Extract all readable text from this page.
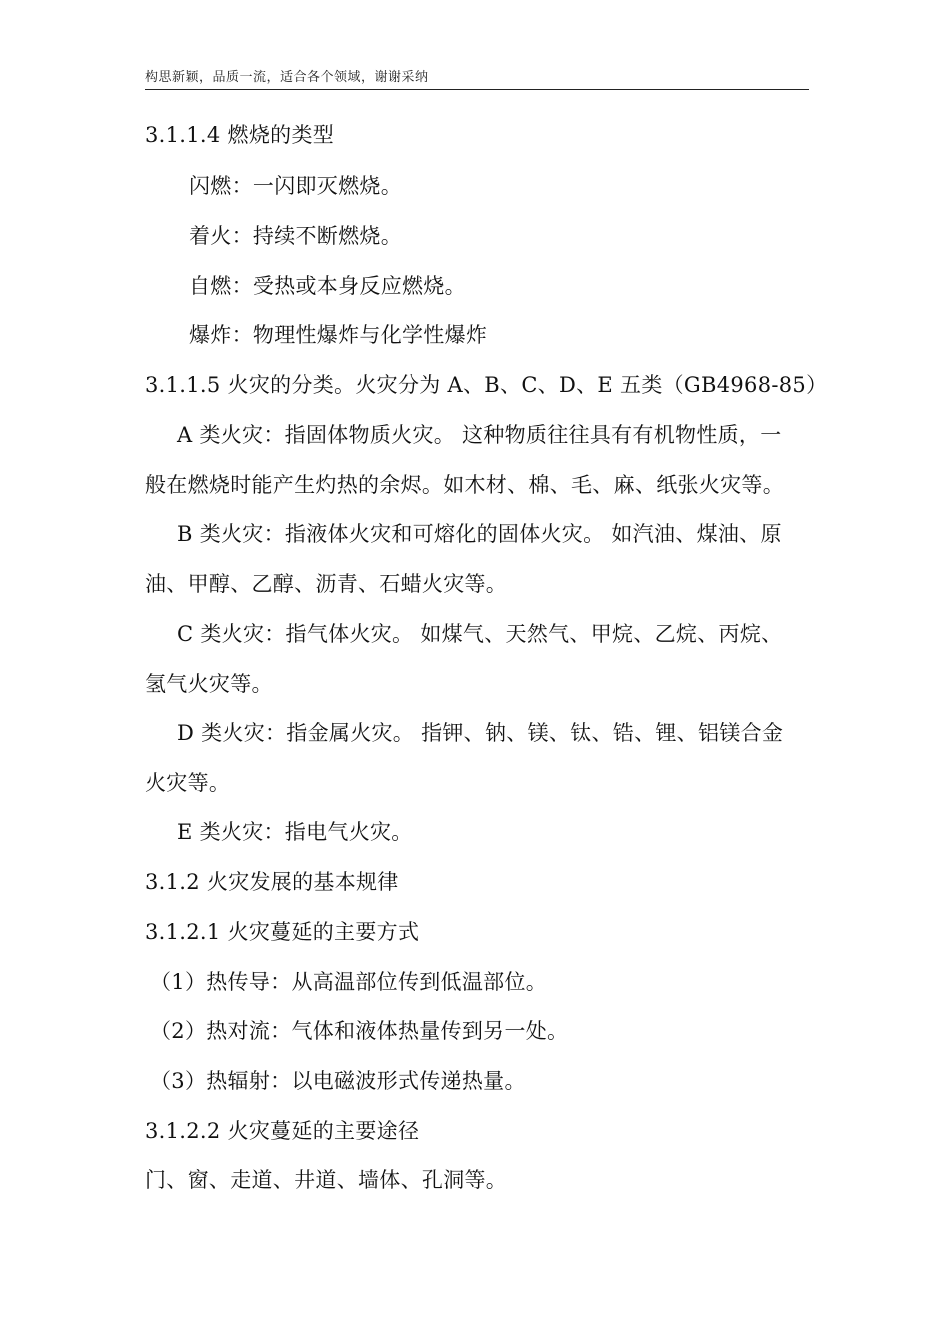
构思新颖，品质一流，适合各个领域，谢谢采纳
3.1.1.4 燃烧的类型
闪燃：一闪即灭燃烧。
着火：持续不断燃烧。
自燃：受热或本身反应燃烧。
爆炸：物理性爆炸与化学性爆炸
3.1.1.5 火灾的分类。火灾分为 A、B、C、D、E 五类（GB4968-85）
A 类火灾：指固体物质火灾。 这种物质往往具有有机物性质，一
般在燃烧时能产生灼热的余烬。如木材、棉、毛、麻、纸张火灾等。
B 类火灾：指液体火灾和可熔化的固体火灾。 如汽油、煤油、原
油、甲醇、乙醇、沥青、石蜡火灾等。
C 类火灾：指气体火灾。 如煤气、天然气、甲烷、乙烷、丙烷、
氢气火灾等。
D 类火灾：指金属火灾。 指钾、钠、镁、钛、锆、锂、铝镁合金
火灾等。
E 类火灾：指电气火灾。
3.1.2 火灾发展的基本规律
3.1.2.1 火灾蔓延的主要方式
（1）热传导：从高温部位传到低温部位。
（2）热对流：气体和液体热量传到另一处。
（3）热辐射：以电磁波形式传递热量。
3.1.2.2 火灾蔓延的主要途径
门、窗、走道、井道、墙体、孔洞等。
